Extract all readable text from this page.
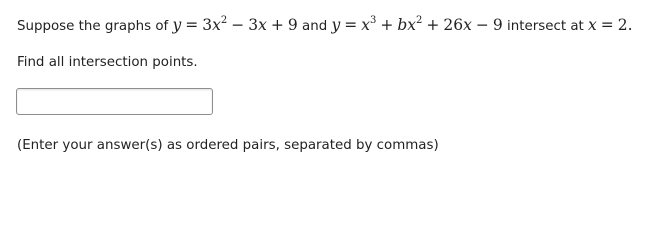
Suppose the graphs of $y = 3x^2 - 3x + 9$ and $y = x^3 + bx^2 + 26x - 9$ intersect at x = 2.
Find all intersection points.
(Enter your answer(s) as ordered pairs, separated by commas)
